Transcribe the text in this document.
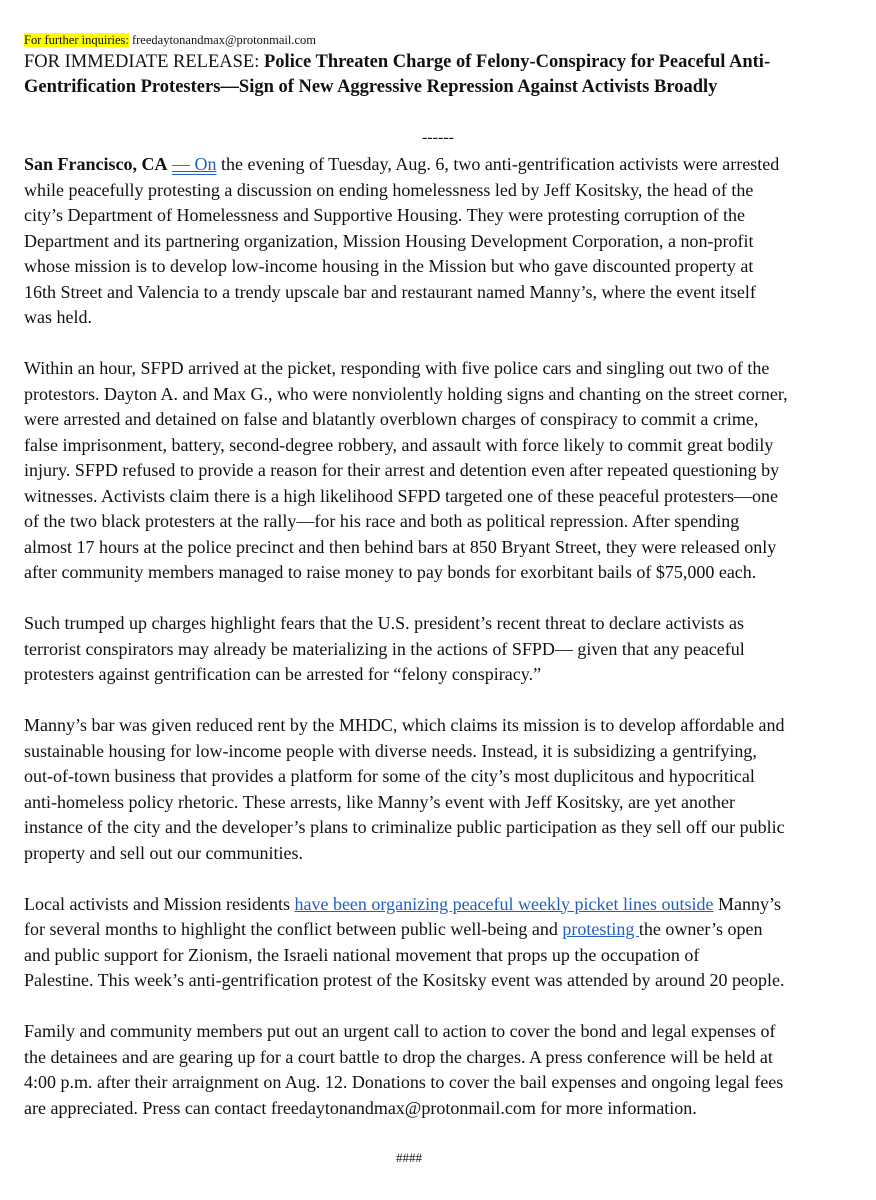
For further inquiries: freedaytonandmax@protonmail.com
FOR IMMEDIATE RELEASE: Police Threaten Charge of Felony-Conspiracy for Peaceful Anti-
Gentrification Protesters—Sign of New Aggressive Repression Against Activists Broadly
------
San Francisco, CA — On the evening of Tuesday, Aug. 6, two anti-gentrification activists were arrested
while peacefully protesting a discussion on ending homelessness led by Jeff Kositsky, the head of the
city’s Department of Homelessness and Supportive Housing. They were protesting corruption of the
Department and its partnering organization, Mission Housing Development Corporation, a non-profit
whose mission is to develop low-income housing in the Mission but who gave discounted property at
16th Street and Valencia to a trendy upscale bar and restaurant named Manny’s, where the event itself
was held.
Within an hour, SFPD arrived at the picket, responding with five police cars and singling out two of the
protestors. Dayton A. and Max G., who were nonviolently holding signs and chanting on the street corner,
were arrested and detained on false and blatantly overblown charges of conspiracy to commit a crime,
false imprisonment, battery, second-degree robbery, and assault with force likely to commit great bodily
injury. SFPD refused to provide a reason for their arrest and detention even after repeated questioning by
witnesses. Activists claim there is a high likelihood SFPD targeted one of these peaceful protesters—one
of the two black protesters at the rally—for his race and both as political repression. After spending
almost 17 hours at the police precinct and then behind bars at 850 Bryant Street, they were released only
after community members managed to raise money to pay bonds for exorbitant bails of $75,000 each.
Such trumped up charges highlight fears that the U.S. president’s recent threat to declare activists as
terrorist conspirators may already be materializing in the actions of SFPD— given that any peaceful
protesters against gentrification can be arrested for “felony conspiracy.”
Manny’s bar was given reduced rent by the MHDC, which claims its mission is to develop affordable and
sustainable housing for low-income people with diverse needs. Instead, it is subsidizing a gentrifying,
out-of-town business that provides a platform for some of the city’s most duplicitous and hypocritical
anti-homeless policy rhetoric. These arrests, like Manny’s event with Jeff Kositsky, are yet another
instance of the city and the developer’s plans to criminalize public participation as they sell off our public
property and sell out our communities.
Local activists and Mission residents have been organizing peaceful weekly picket lines outside Manny’s
for several months to highlight the conflict between public well-being and protesting the owner’s open
and public support for Zionism, the Israeli national movement that props up the occupation of
Palestine. This week’s anti-gentrification protest of the Kositsky event was attended by around 20 people.
Family and community members put out an urgent call to action to cover the bond and legal expenses of
the detainees and are gearing up for a court battle to drop the charges. A press conference will be held at
4:00 p.m. after their arraignment on Aug. 12. Donations to cover the bail expenses and ongoing legal fees
are appreciated. Press can contact freedaytonandmax@protonmail.com for more information.
####
